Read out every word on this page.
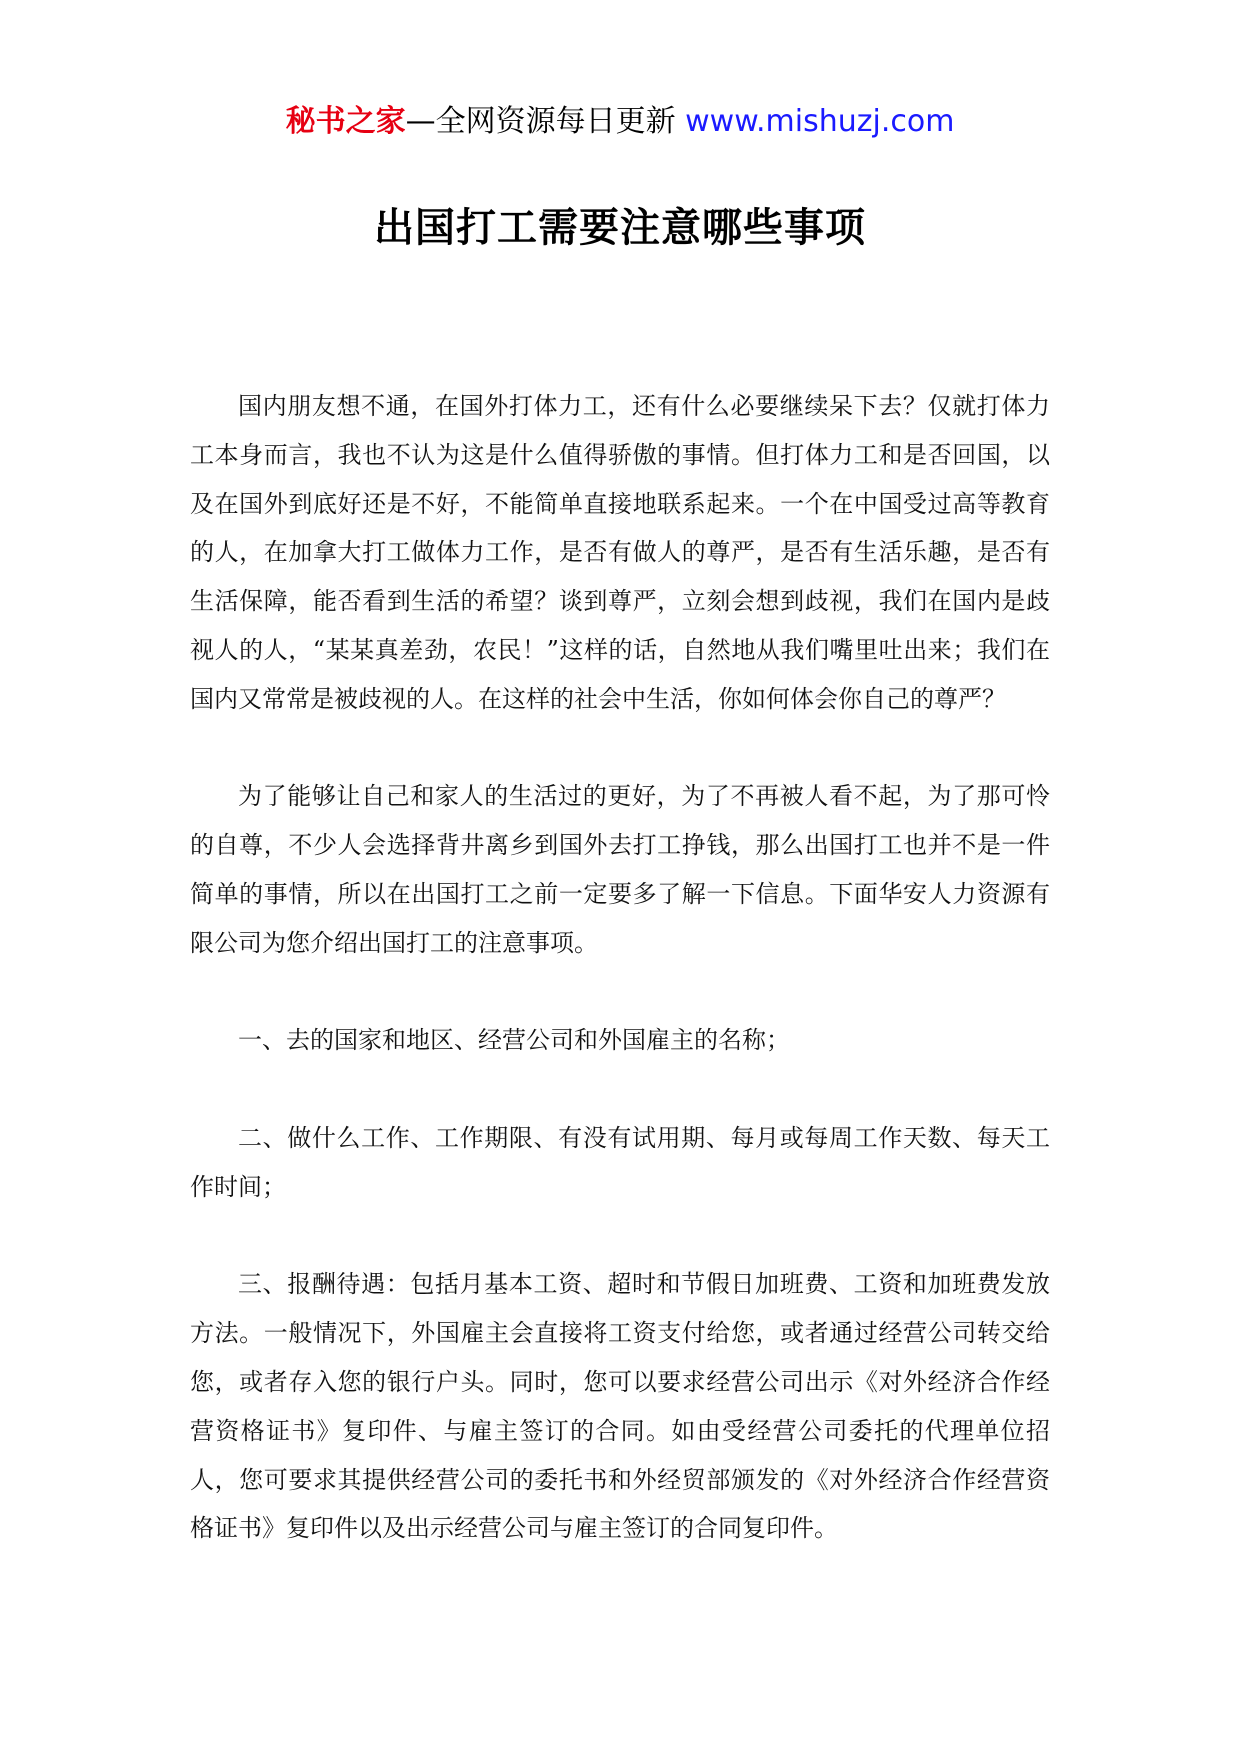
秘书之家—全网资源每日更新 www.mishuzj.com
出国打工需要注意哪些事项

国内朋友想不通，在国外打体力工，还有什么必要继续呆下去？仅就打体力工本身而言，我也不认为这是什么值得骄傲的事情。但打体力工和是否回国，以及在国外到底好还是不好，不能简单直接地联系起来。一个在中国受过高等教育的人，在加拿大打工做体力工作，是否有做人的尊严，是否有生活乐趣，是否有生活保障，能否看到生活的希望？谈到尊严，立刻会想到歧视，我们在国内是歧视人的人，“某某真差劲，农民！”这样的话，自然地从我们嘴里吐出来；我们在国内又常常是被歧视的人。在这样的社会中生活，你如何体会你自己的尊严？

为了能够让自己和家人的生活过的更好，为了不再被人看不起，为了那可怜的自尊，不少人会选择背井离乡到国外去打工挣钱，那么出国打工也并不是一件简单的事情，所以在出国打工之前一定要多了解一下信息。下面华安人力资源有限公司为您介绍出国打工的注意事项。

一、去的国家和地区、经营公司和外国雇主的名称；

二、做什么工作、工作期限、有没有试用期、每月或每周工作天数、每天工作时间；

三、报酬待遇：包括月基本工资、超时和节假日加班费、工资和加班费发放方法。一般情况下，外国雇主会直接将工资支付给您，或者通过经营公司转交给您，或者存入您的银行户头。同时，您可以要求经营公司出示《对外经济合作经营资格证书》复印件、与雇主签订的合同。如由受经营公司委托的代理单位招人，您可要求其提供经营公司的委托书和外经贸部颁发的《对外经济合作经营资格证书》复印件以及出示经营公司与雇主签订的合同复印件。
